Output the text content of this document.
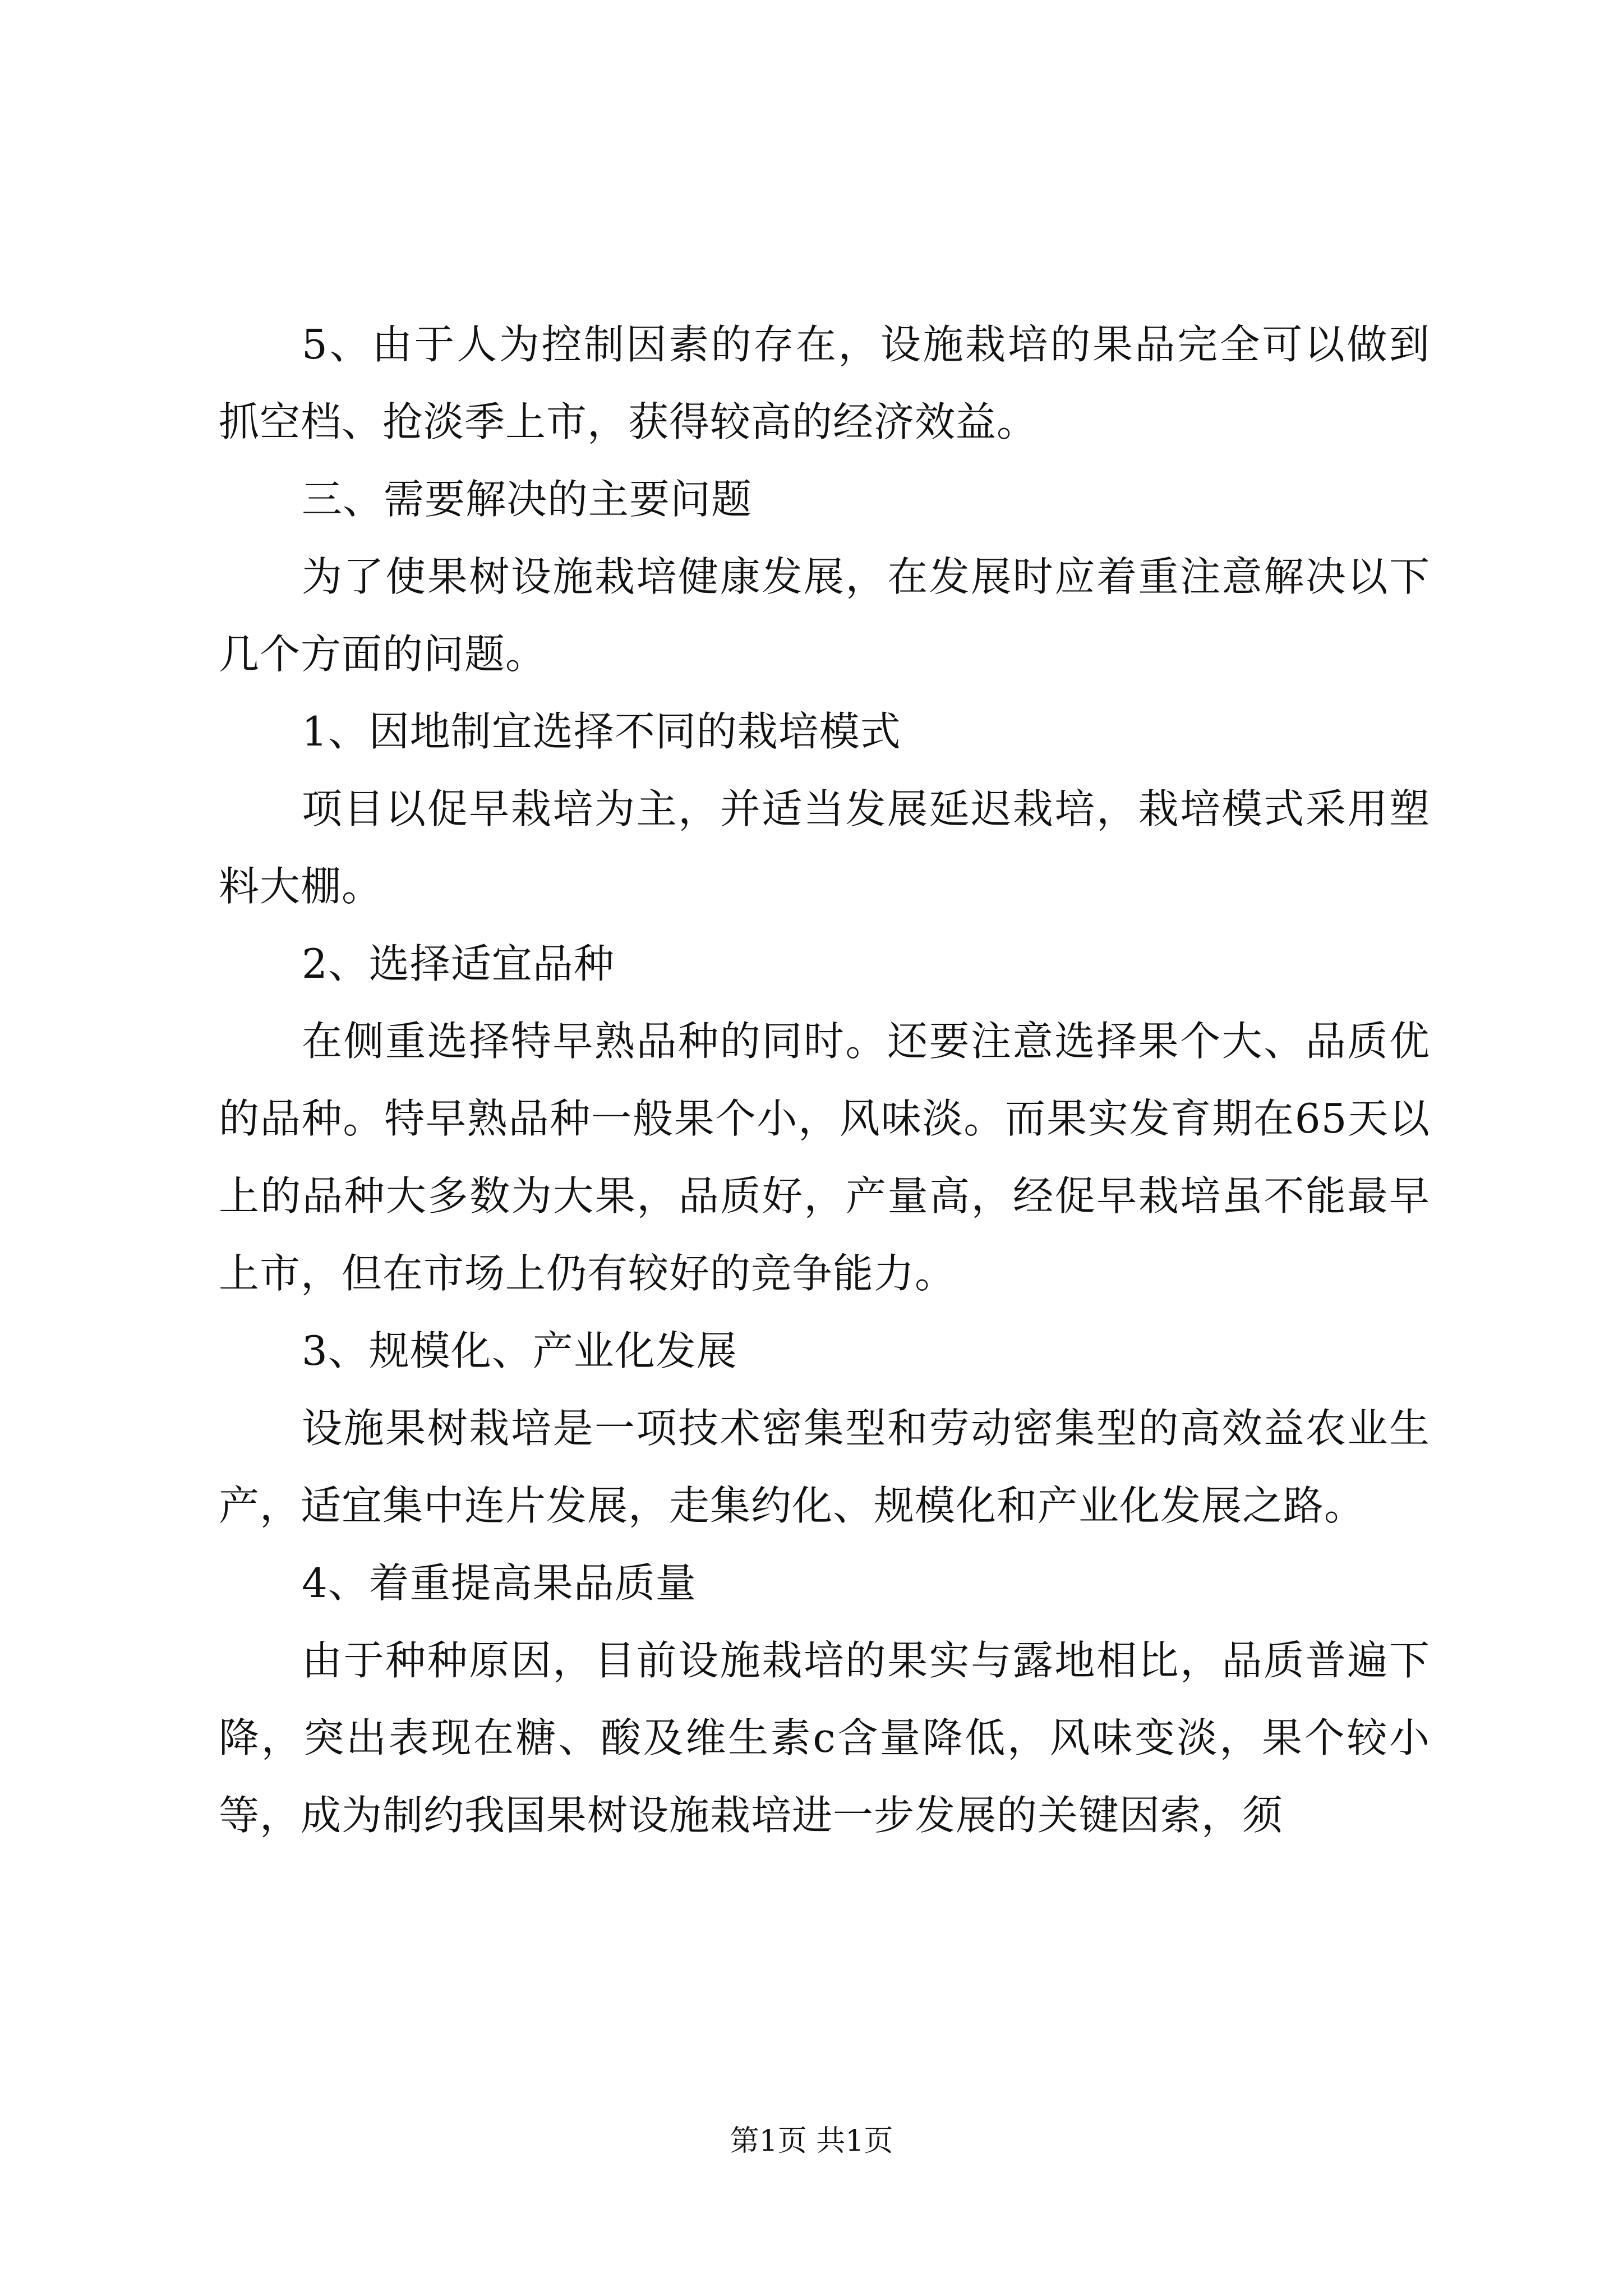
5、由于人为控制因素的存在，设施栽培的果品完全可以做到抓空档、抢淡季上市，获得较高的经济效益。

三、需要解决的主要问题

为了使果树设施栽培健康发展，在发展时应着重注意解决以下几个方面的问题。

1、因地制宜选择不同的栽培模式

项目以促早栽培为主，并适当发展延迟栽培，栽培模式采用塑料大棚。

2、选择适宜品种

在侧重选择特早熟品种的同时。还要注意选择果个大、品质优的品种。特早熟品种一般果个小，风味淡。而果实发育期在65天以上的品种大多数为大果，品质好，产量高，经促早栽培虽不能最早上市，但在市场上仍有较好的竞争能力。

3、规模化、产业化发展

设施果树栽培是一项技术密集型和劳动密集型的高效益农业生产，适宜集中连片发展，走集约化、规模化和产业化发展之路。

4、着重提高果品质量

由于种种原因，目前设施栽培的果实与露地相比，品质普遍下降，突出表现在糖、酸及维生素c含量降低，风味变淡，果个较小等，成为制约我国果树设施栽培进一步发展的关键因索，须

第1页 共1页
